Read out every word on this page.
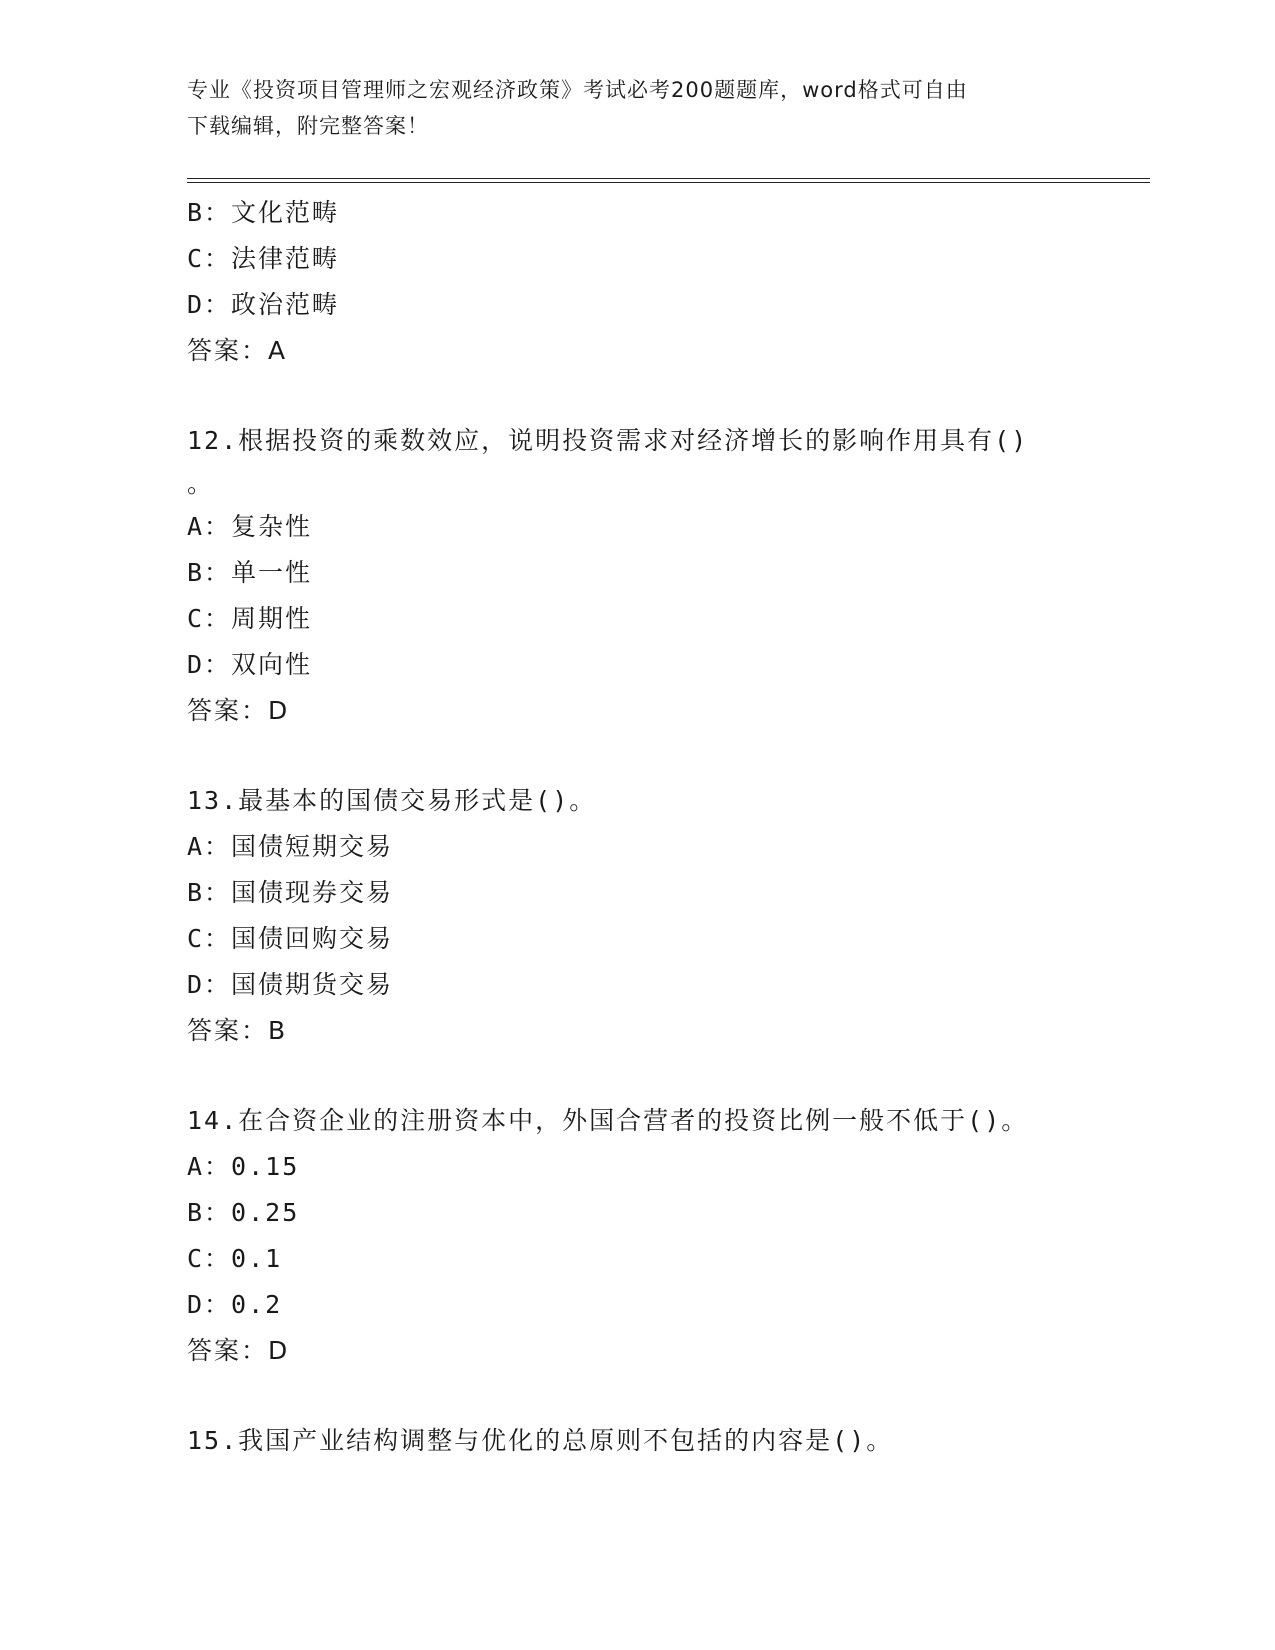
专业《投资项目管理师之宏观经济政策》考试必考200题题库，word格式可自由
下载编辑，附完整答案！
B：文化范畴
C：法律范畴
D：政治范畴
答案：A
12.根据投资的乘数效应，说明投资需求对经济增长的影响作用具有()
。
A：复杂性
B：单一性
C：周期性
D：双向性
答案：D
13.最基本的国债交易形式是()。
A：国债短期交易
B：国债现券交易
C：国债回购交易
D：国债期货交易
答案：B
14.在合资企业的注册资本中，外国合营者的投资比例一般不低于()。
A：0.15
B：0.25
C：0.1
D：0.2
答案：D
15.我国产业结构调整与优化的总原则不包括的内容是()。
